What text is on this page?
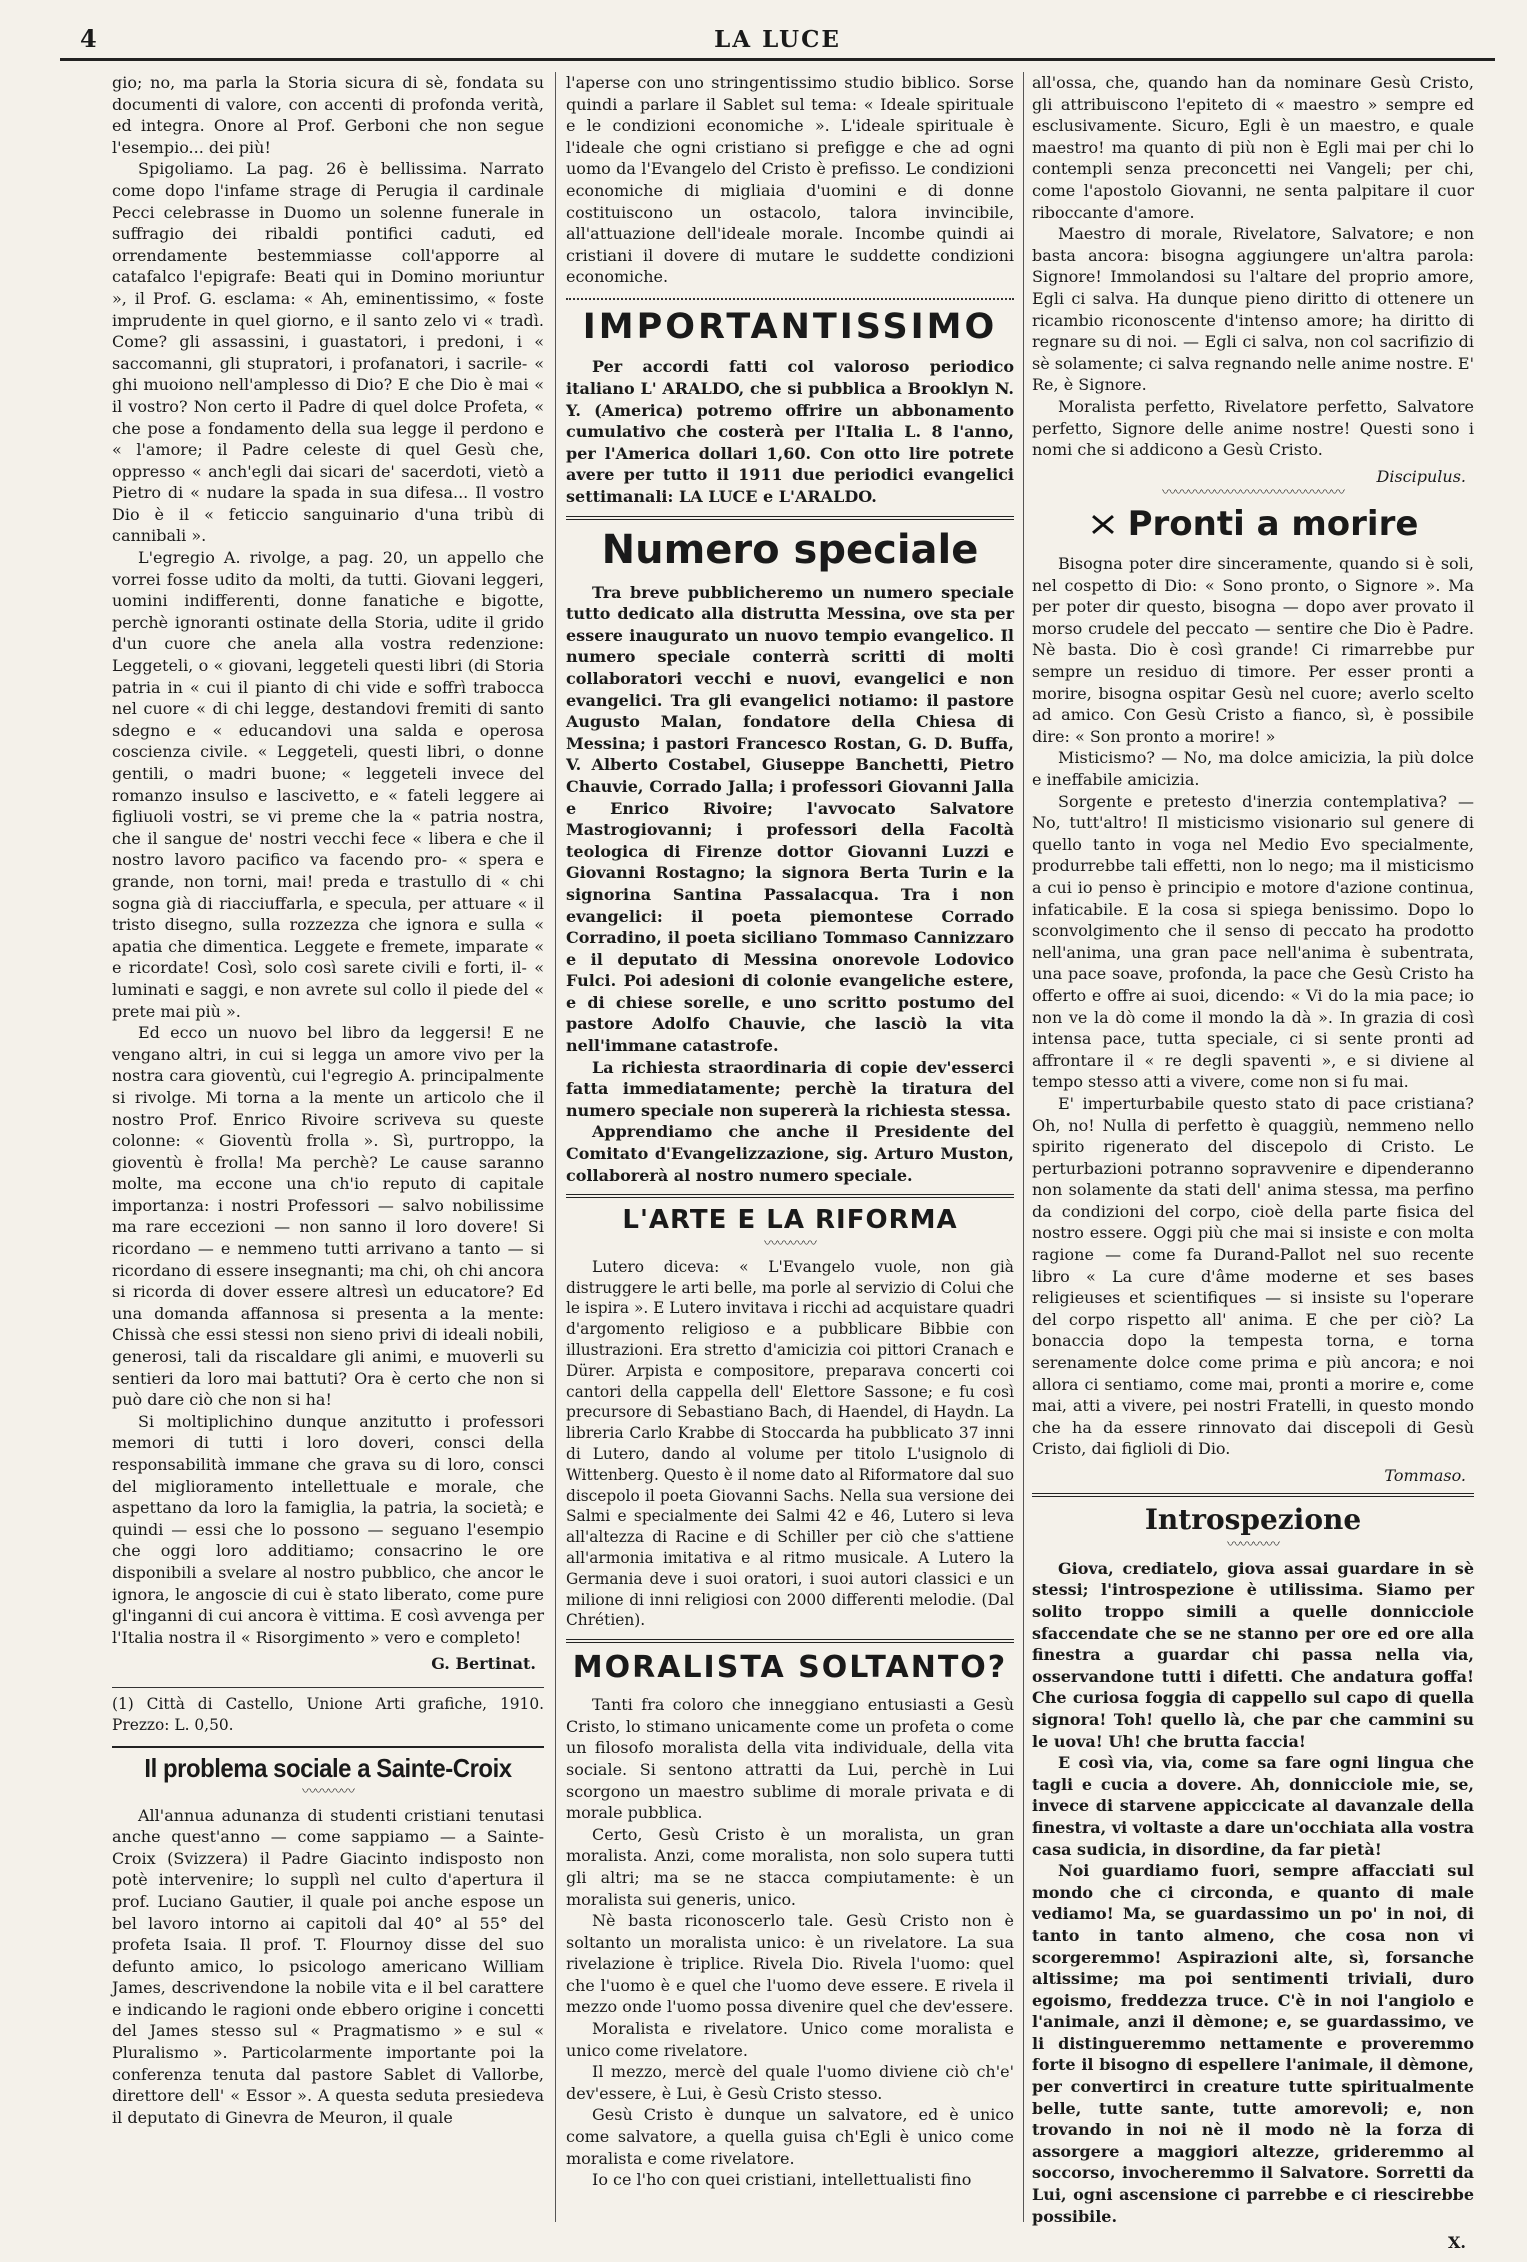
4	LA LUCE

gio; no, ma parla la Storia sicura di sè, fondata su documenti di valore, con accenti di profonda verità, ed integra. Onore al Prof. Gerboni che non segue l'esempio... dei più!

Spigoliamo. La pag. 26 è bellissima. Narrato come dopo l'infame strage di Perugia il cardinale Pecci celebrasse in Duomo un solenne funerale in suffragio dei ribaldi pontifici caduti, ed orrendamente bestemmiasse coll'apporre al catafalco l'epigrafe: Beati qui in Domino moriuntur », il Prof. G. esclama: « Ah, eminentissimo, « foste imprudente in quel giorno, e il santo zelo vi « tradì. Come? gli assassini, i guastatori, i predoni, i « saccomanni, gli stupratori, i profanatori, i sacrile- « ghi muoiono nell'amplesso di Dio? E che Dio è mai « il vostro? Non certo il Padre di quel dolce Profeta, « che pose a fondamento della sua legge il perdono e « l'amore; il Padre celeste di quel Gesù che, oppresso « anch'egli dai sicari de' sacerdoti, vietò a Pietro di « nudare la spada in sua difesa... Il vostro Dio è il « feticcio sanguinario d'una tribù di cannibali ».

L'egregio A. rivolge, a pag. 20, un appello che vorrei fosse udito da molti, da tutti. Giovani leggeri, uomini indifferenti, donne fanatiche e bigotte, perchè ignoranti ostinate della Storia, udite il grido d'un cuore che anela alla vostra redenzione: Leggeteli, o « giovani, leggeteli questi libri (di Storia patria in « cui il pianto di chi vide e soffrì trabocca nel cuore « di chi legge, destandovi fremiti di santo sdegno e « educandovi una salda e operosa coscienza civile. « Leggeteli, questi libri, o donne gentili, o madri buone; « leggeteli invece del romanzo insulso e lascivetto, e « fateli leggere ai figliuoli vostri, se vi preme che la « patria nostra, che il sangue de' nostri vecchi fece « libera e che il nostro lavoro pacifico va facendo pro- « spera e grande, non torni, mai! preda e trastullo di « chi sogna già di riacciuffarla, e specula, per attuare « il tristo disegno, sulla rozzezza che ignora e sulla « apatia che dimentica. Leggete e fremete, imparate « e ricordate! Così, solo così sarete civili e forti, il- « luminati e saggi, e non avrete sul collo il piede del « prete mai più ».

Ed ecco un nuovo bel libro da leggersi! E ne vengano altri, in cui si legga un amore vivo per la nostra cara gioventù, cui l'egregio A. principalmente si rivolge. Mi torna a la mente un articolo che il nostro Prof. Enrico Rivoire scriveva su queste colonne: « Gioventù frolla ». Sì, purtroppo, la gioventù è frolla! Ma perchè? Le cause saranno molte, ma eccone una ch'io reputo di capitale importanza: i nostri Professori — salvo nobilissime ma rare eccezioni — non sanno il loro dovere! Si ricordano — e nemmeno tutti arrivano a tanto — si ricordano di essere insegnanti; ma chi, oh chi ancora si ricorda di dover essere altresì un educatore? Ed una domanda affannosa si presenta a la mente: Chissà che essi stessi non sieno privi di ideali nobili, generosi, tali da riscaldare gli animi, e muoverli su sentieri da loro mai battuti? Ora è certo che non si può dare ciò che non si ha!

Si moltiplichino dunque anzitutto i professori memori di tutti i loro doveri, consci della responsabilità immane che grava su di loro, consci del miglioramento intellettuale e morale, che aspettano da loro la famiglia, la patria, la società; e quindi — essi che lo possono — seguano l'esempio che oggi loro additiamo; consacrino le ore disponibili a svelare al nostro pubblico, che ancor le ignora, le angoscie di cui è stato liberato, come pure gl'inganni di cui ancora è vittima. E così avvenga per l'Italia nostra il « Risorgimento » vero e completo!

G. Bertinat.

(1) Città di Castello, Unione Arti grafiche, 1910. Prezzo: L. 0,50.

Il problema sociale a Sainte-Croix
〰〰〰〰

All'annua adunanza di studenti cristiani tenutasi anche quest'anno — come sappiamo — a Sainte-Croix (Svizzera) il Padre Giacinto indisposto non potè intervenire; lo supplì nel culto d'apertura il prof. Luciano Gautier, il quale poi anche espose un bel lavoro intorno ai capitoli dal 40° al 55° del profeta Isaia. Il prof. T. Flournoy disse del suo defunto amico, lo psicologo americano William James, descrivendone la nobile vita e il bel carattere e indicando le ragioni onde ebbero origine i concetti del James stesso sul « Pragmatismo » e sul « Pluralismo ». Particolarmente importante poi la conferenza tenuta dal pastore Sablet di Vallorbe, direttore dell' « Essor ». A questa seduta presiedeva il deputato di Ginevra de Meuron, il quale

l'aperse con uno stringentissimo studio biblico. Sorse quindi a parlare il Sablet sul tema: « Ideale spirituale e le condizioni economiche ». L'ideale spirituale è l'ideale che ogni cristiano si prefigge e che ad ogni uomo da l'Evangelo del Cristo è prefisso. Le condizioni economiche di migliaia d'uomini e di donne costituiscono un ostacolo, talora invincibile, all'attuazione dell'ideale morale. Incombe quindi ai cristiani il dovere di mutare le suddette condizioni economiche.

IMPORTANTISSIMO

Per accordi fatti col valoroso periodico italiano L' ARALDO, che si pubblica a Brooklyn N. Y. (America) potremo offrire un abbonamento cumulativo che costerà per l'Italia L. 8 l'anno, per l'America dollari 1,60. Con otto lire potrete avere per tutto il 1911 due periodici evangelici settimanali: LA LUCE e L'ARALDO.

Numero speciale

Tra breve pubblicheremo un numero speciale tutto dedicato alla distrutta Messina, ove sta per essere inaugurato un nuovo tempio evangelico. Il numero speciale conterrà scritti di molti collaboratori vecchi e nuovi, evangelici e non evangelici. Tra gli evangelici notiamo: il pastore Augusto Malan, fondatore della Chiesa di Messina; i pastori Francesco Rostan, G. D. Buffa, V. Alberto Costabel, Giuseppe Banchetti, Pietro Chauvie, Corrado Jalla; i professori Giovanni Jalla e Enrico Rivoire; l'avvocato Salvatore Mastrogiovanni; i professori della Facoltà teologica di Firenze dottor Giovanni Luzzi e Giovanni Rostagno; la signora Berta Turin e la signorina Santina Passalacqua. Tra i non evangelici: il poeta piemontese Corrado Corradino, il poeta siciliano Tommaso Cannizzaro e il deputato di Messina onorevole Lodovico Fulci. Poi adesioni di colonie evangeliche estere, e di chiese sorelle, e uno scritto postumo del pastore Adolfo Chauvie, che lasciò la vita nell'immane catastrofe.

La richiesta straordinaria di copie dev'esserci fatta immediatamente; perchè la tiratura del numero speciale non supererà la richiesta stessa.

Apprendiamo che anche il Presidente del Comitato d'Evangelizzazione, sig. Arturo Muston, collaborerà al nostro numero speciale.

L'ARTE E LA RIFORMA
〰〰〰〰

Lutero diceva: « L'Evangelo vuole, non già distruggere le arti belle, ma porle al servizio di Colui che le ispira ». E Lutero invitava i ricchi ad acquistare quadri d'argomento religioso e a pubblicare Bibbie con illustrazioni. Era stretto d'amicizia coi pittori Cranach e Dürer. Arpista e compositore, preparava concerti coi cantori della cappella dell' Elettore Sassone; e fu così precursore di Sebastiano Bach, di Haendel, di Haydn. La libreria Carlo Krabbe di Stoccarda ha pubblicato 37 inni di Lutero, dando al volume per titolo L'usignolo di Wittenberg. Questo è il nome dato al Riformatore dal suo discepolo il poeta Giovanni Sachs. Nella sua versione dei Salmi e specialmente dei Salmi 42 e 46, Lutero si leva all'altezza di Racine e di Schiller per ciò che s'attiene all'armonia imitativa e al ritmo musicale. A Lutero la Germania deve i suoi oratori, i suoi autori classici e un milione di inni religiosi con 2000 differenti melodie. (Dal Chrétien).

MORALISTA SOLTANTO?

Tanti fra coloro che inneggiano entusiasti a Gesù Cristo, lo stimano unicamente come un profeta o come un filosofo moralista della vita individuale, della vita sociale. Si sentono attratti da Lui, perchè in Lui scorgono un maestro sublime di morale privata e di morale pubblica.

Certo, Gesù Cristo è un moralista, un gran moralista. Anzi, come moralista, non solo supera tutti gli altri; ma se ne stacca compiutamente: è un moralista sui generis, unico.

Nè basta riconoscerlo tale. Gesù Cristo non è soltanto un moralista unico: è un rivelatore. La sua rivelazione è triplice. Rivela Dio. Rivela l'uomo: quel che l'uomo è e quel che l'uomo deve essere. E rivela il mezzo onde l'uomo possa divenire quel che dev'essere.

Moralista e rivelatore. Unico come moralista e unico come rivelatore.

Il mezzo, mercè del quale l'uomo diviene ciò ch'e' dev'essere, è Lui, è Gesù Cristo stesso.

Gesù Cristo è dunque un salvatore, ed è unico come salvatore, a quella guisa ch'Egli è unico come moralista e come rivelatore.

Io ce l'ho con quei cristiani, intellettualisti fino

all'ossa, che, quando han da nominare Gesù Cristo, gli attribuiscono l'epiteto di « maestro » sempre ed esclusivamente. Sicuro, Egli è un maestro, e quale maestro! ma quanto di più non è Egli mai per chi lo contempli senza preconcetti nei Vangeli; per chi, come l'apostolo Giovanni, ne senta palpitare il cuor riboccante d'amore.

Maestro di morale, Rivelatore, Salvatore; e non basta ancora: bisogna aggiungere un'altra parola: Signore! Immolandosi su l'altare del proprio amore, Egli ci salva. Ha dunque pieno diritto di ottenere un ricambio riconoscente d'intenso amore; ha diritto di regnare su di noi. — Egli ci salva, non col sacrifizio di sè solamente; ci salva regnando nelle anime nostre. E' Re, è Signore.

Moralista perfetto, Rivelatore perfetto, Salvatore perfetto, Signore delle anime nostre! Questi sono i nomi che si addicono a Gesù Cristo.

Discipulus.
〰〰〰〰〰〰〰〰〰〰〰〰〰〰
Pronti a morire

Bisogna poter dire sinceramente, quando si è soli, nel cospetto di Dio: « Sono pronto, o Signore ». Ma per poter dir questo, bisogna — dopo aver provato il morso crudele del peccato — sentire che Dio è Padre. Nè basta. Dio è così grande! Ci rimarrebbe pur sempre un residuo di timore. Per esser pronti a morire, bisogna ospitar Gesù nel cuore; averlo scelto ad amico. Con Gesù Cristo a fianco, sì, è possibile dire: « Son pronto a morire! »

Misticismo? — No, ma dolce amicizia, la più dolce e ineffabile amicizia.

Sorgente e pretesto d'inerzia contemplativa? — No, tutt'altro! Il misticismo visionario sul genere di quello tanto in voga nel Medio Evo specialmente, produrrebbe tali effetti, non lo nego; ma il misticismo a cui io penso è principio e motore d'azione continua, infaticabile. E la cosa si spiega benissimo. Dopo lo sconvolgimento che il senso di peccato ha prodotto nell'anima, una gran pace nell'anima è subentrata, una pace soave, profonda, la pace che Gesù Cristo ha offerto e offre ai suoi, dicendo: « Vi do la mia pace; io non ve la dò come il mondo la dà ». In grazia di così intensa pace, tutta speciale, ci si sente pronti ad affrontare il « re degli spaventi », e si diviene al tempo stesso atti a vivere, come non si fu mai.

E' imperturbabile questo stato di pace cristiana? Oh, no! Nulla di perfetto è quaggiù, nemmeno nello spirito rigenerato del discepolo di Cristo. Le perturbazioni potranno sopravvenire e dipenderanno non solamente da stati dell' anima stessa, ma perfino da condizioni del corpo, cioè della parte fisica del nostro essere. Oggi più che mai si insiste e con molta ragione — come fa Durand-Pallot nel suo recente libro « La cure d'âme moderne et ses bases religieuses et scientifiques — si insiste su l'operare del corpo rispetto all' anima. E che per ciò? La bonaccia dopo la tempesta torna, e torna serenamente dolce come prima e più ancora; e noi allora ci sentiamo, come mai, pronti a morire e, come mai, atti a vivere, pei nostri Fratelli, in questo mondo che ha da essere rinnovato dai discepoli di Gesù Cristo, dai figlioli di Dio.

Tommaso.
Introspezione
〰〰〰〰

Giova, crediatelo, giova assai guardare in sè stessi; l'introspezione è utilissima. Siamo per solito troppo simili a quelle donnicciole sfaccendate che se ne stanno per ore ed ore alla finestra a guardar chi passa nella via, osservandone tutti i difetti. Che andatura goffa! Che curiosa foggia di cappello sul capo di quella signora! Toh! quello là, che par che cammini su le uova! Uh! che brutta faccia!

E così via, via, come sa fare ogni lingua che tagli e cucia a dovere. Ah, donnicciole mie, se, invece di starvene appiccicate al davanzale della finestra, vi voltaste a dare un'occhiata alla vostra casa sudicia, in disordine, da far pietà!

Noi guardiamo fuori, sempre affacciati sul mondo che ci circonda, e quanto di male vediamo! Ma, se guardassimo un po' in noi, di tanto in tanto almeno, che cosa non vi scorgeremmo! Aspirazioni alte, sì, forsanche altissime; ma poi sentimenti triviali, duro egoismo, freddezza truce. C'è in noi l'angiolo e l'animale, anzi il dèmone; e, se guardassimo, ve li distingueremmo nettamente e proveremmo forte il bisogno di espellere l'animale, il dèmone, per convertirci in creature tutte spiritualmente belle, tutte sante, tutte amorevoli; e, non trovando in noi nè il modo nè la forza di assorgere a maggiori altezze, grideremmo al soccorso, invocheremmo il Salvatore. Sorretti da Lui, ogni ascensione ci parrebbe e ci riescirebbe possibile.

X.
